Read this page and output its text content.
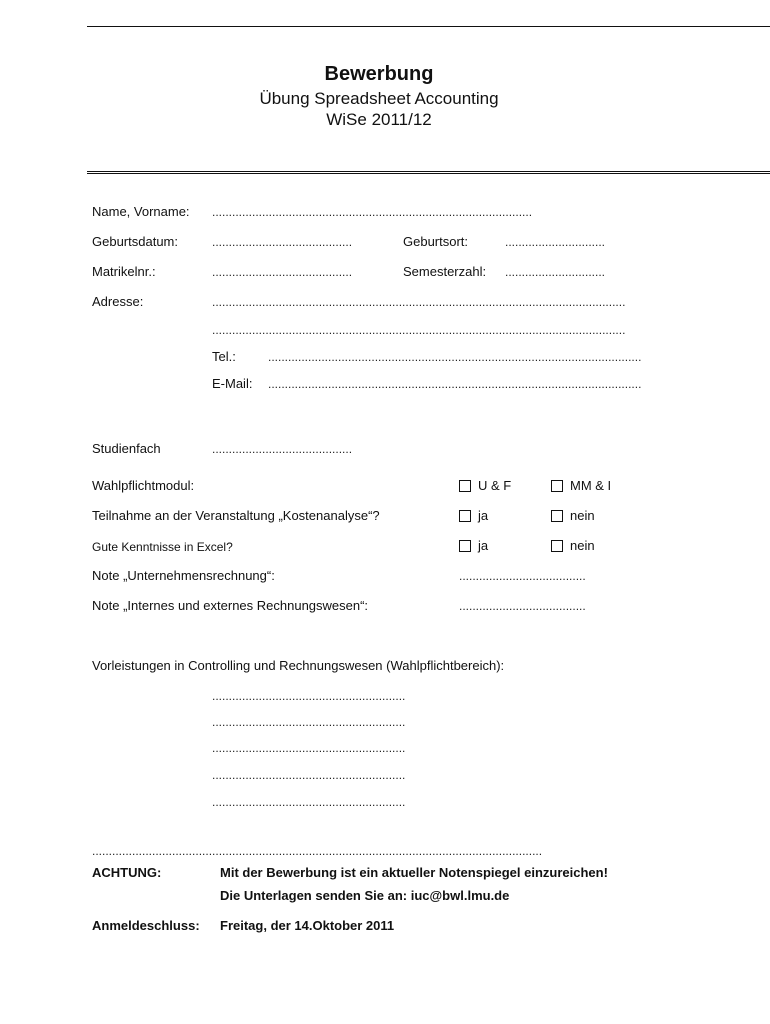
Bewerbung
Übung Spreadsheet Accounting
WiSe 2011/12
Name, Vorname: ................................................................................................
Geburtsdatum:	..........................................	Geburtsort:	..............................
Matrikelnr.:	..........................................	Semesterzahl: ..............................
Adresse:	............................................................................................................................
............................................................................................................................
Tel.:	................................................................................................................
E-Mail: ................................................................................................................
Studienfach	..........................................
Wahlpflichtmodul:	U & F	MM & I
Teilnahme an der Veranstaltung „Kostenanalyse“?	ja	nein
Gute Kenntnisse in Excel?	ja	nein
Note „Unternehmensrechnung“:	......................................
Note „Internes und externes Rechnungswesen“:	......................................
Vorleistungen in Controlling und Rechnungswesen (Wahlpflichtbereich):
..........................................................
..........................................................
..........................................................
..........................................................
..........................................................
.......................................................................................................................................
ACHTUNG:	Mit der Bewerbung ist ein aktueller Notenspiegel einzureichen!
Die Unterlagen senden Sie an: iuc@bwl.lmu.de
Anmeldeschluss: Freitag, der 14.Oktober 2011
